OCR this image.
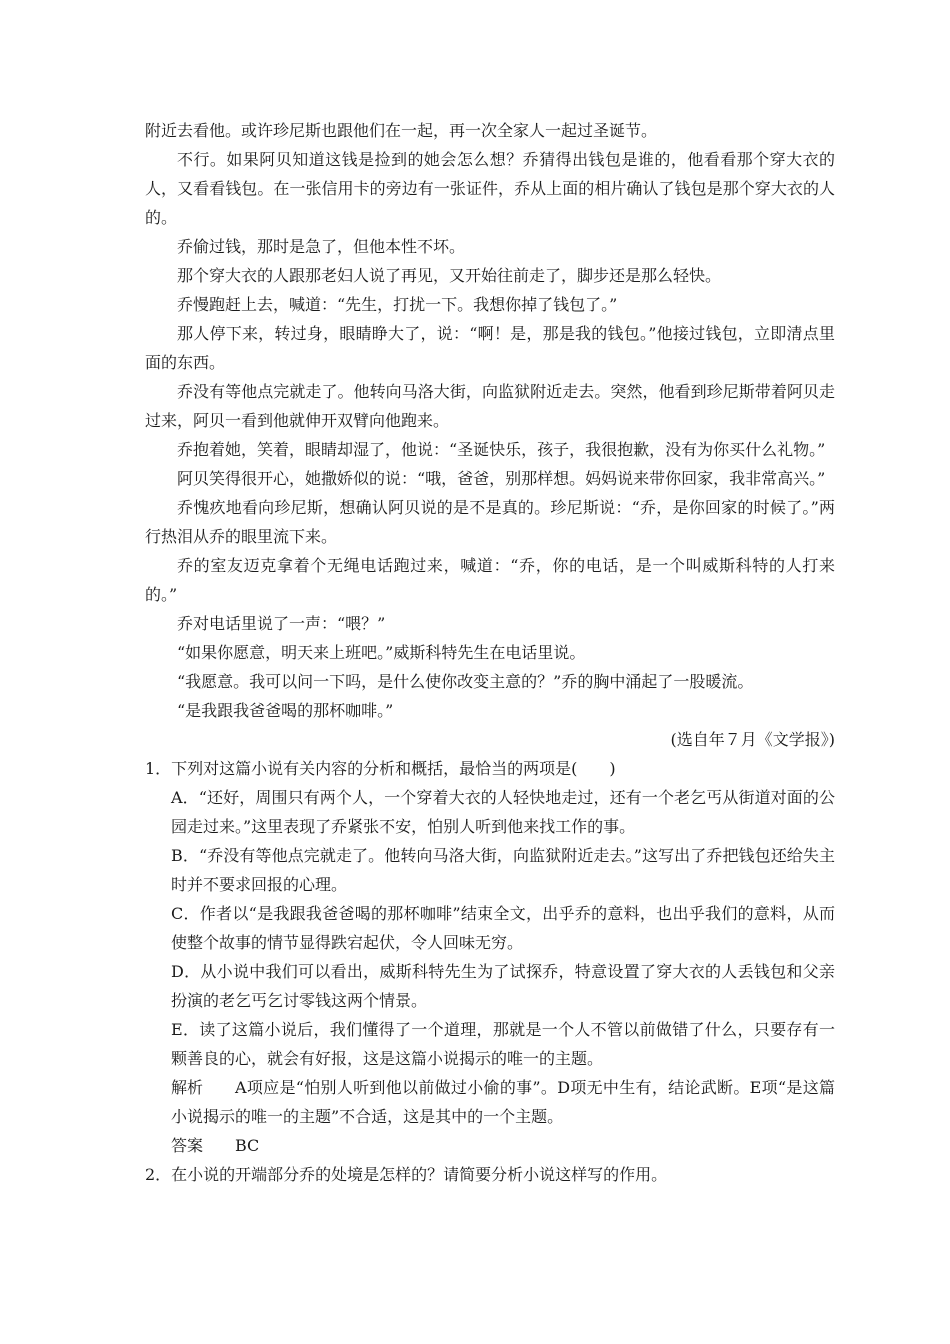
附近去看他。或许珍尼斯也跟他们在一起，再一次全家人一起过圣诞节。

不行。如果阿贝知道这钱是捡到的她会怎么想？乔猜得出钱包是谁的，他看看那个穿大衣的人，又看看钱包。在一张信用卡的旁边有一张证件，乔从上面的相片确认了钱包是那个穿大衣的人的。

乔偷过钱，那时是急了，但他本性不坏。

那个穿大衣的人跟那老妇人说了再见，又开始往前走了，脚步还是那么轻快。

乔慢跑赶上去，喊道：“先生，打扰一下。我想你掉了钱包了。”

那人停下来，转过身，眼睛睁大了，说：“啊！是，那是我的钱包。”他接过钱包，立即清点里面的东西。

乔没有等他点完就走了。他转向马洛大街，向监狱附近走去。突然，他看到珍尼斯带着阿贝走过来，阿贝一看到他就伸开双臂向他跑来。

乔抱着她，笑着，眼睛却湿了，他说：“圣诞快乐，孩子，我很抱歉，没有为你买什么礼物。”

阿贝笑得很开心，她撒娇似的说：“哦，爸爸，别那样想。妈妈说来带你回家，我非常高兴。”

乔愧疚地看向珍尼斯，想确认阿贝说的是不是真的。珍尼斯说：“乔，是你回家的时候了。”两行热泪从乔的眼里流下来。

乔的室友迈克拿着个无绳电话跑过来，喊道：“乔，你的电话，是一个叫威斯科特的人打来的。”

乔对电话里说了一声：“喂？”

“如果你愿意，明天来上班吧。”威斯科特先生在电话里说。

“我愿意。我可以问一下吗，是什么使你改变主意的？”乔的胸中涌起了一股暖流。

“是我跟我爸爸喝的那杯咖啡。”

(选自年７月《文学报》)

1．下列对这篇小说有关内容的分析和概括，最恰当的两项是(　　)

A．“还好，周围只有两个人，一个穿着大衣的人轻快地走过，还有一个老乞丐从街道对面的公园走过来。”这里表现了乔紧张不安，怕别人听到他来找工作的事。

B．“乔没有等他点完就走了。他转向马洛大街，向监狱附近走去。”这写出了乔把钱包还给失主时并不要求回报的心理。

C．作者以“是我跟我爸爸喝的那杯咖啡”结束全文，出乎乔的意料，也出乎我们的意料，从而使整个故事的情节显得跌宕起伏，令人回味无穷。

D．从小说中我们可以看出，威斯科特先生为了试探乔，特意设置了穿大衣的人丢钱包和父亲扮演的老乞丐乞讨零钱这两个情景。

E．读了这篇小说后，我们懂得了一个道理，那就是一个人不管以前做错了什么，只要存有一颗善良的心，就会有好报，这是这篇小说揭示的唯一的主题。

解析 A项应是“怕别人听到他以前做过小偷的事”。D项无中生有，结论武断。E项“是这篇小说揭示的唯一的主题”不合适，这是其中的一个主题。

答案 BC

2．在小说的开端部分乔的处境是怎样的？请简要分析小说这样写的作用。
